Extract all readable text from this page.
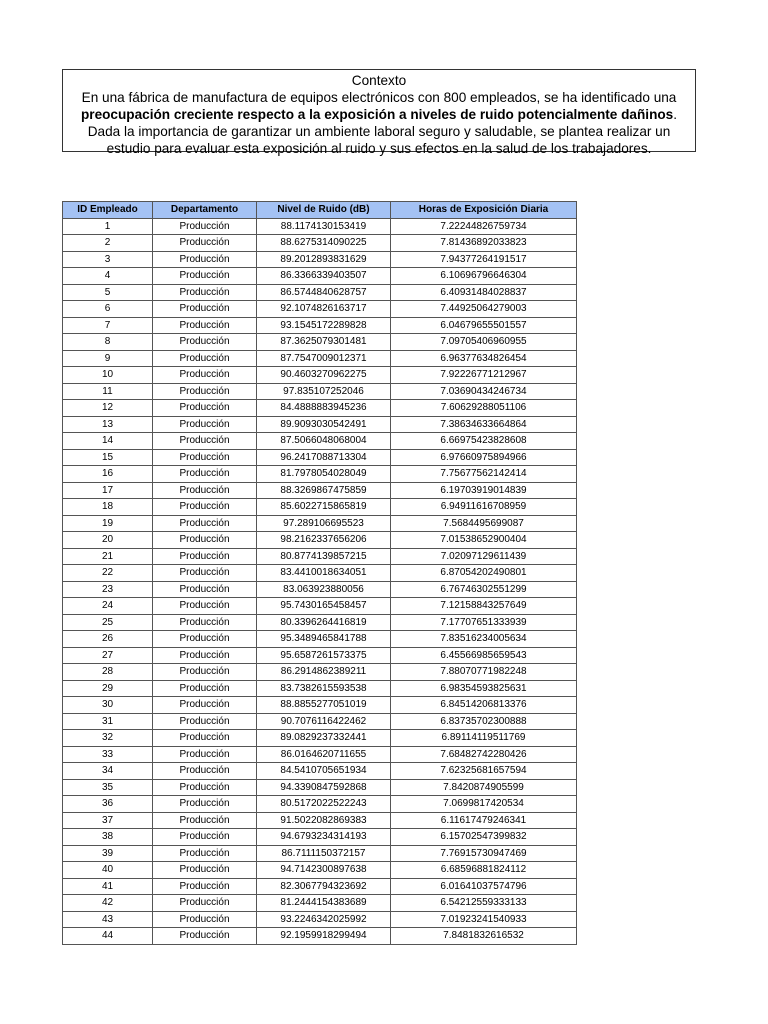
Contexto
En una fábrica de manufactura de equipos electrónicos con 800 empleados, se ha identificado una preocupación creciente respecto a la exposición a niveles de ruido potencialmente dañinos. Dada la importancia de garantizar un ambiente laboral seguro y saludable, se plantea realizar un estudio para evaluar esta exposición al ruido y sus efectos en la salud de los trabajadores.
ID Empleado	Departamento	Nivel de Ruido (dB)	Horas de Exposición Diaria
1	Producción	88.1174130153419	7.22244826759734
2	Producción	88.6275314090225	7.81436892033823
3	Producción	89.2012893831629	7.94377264191517
4	Producción	86.3366339403507	6.10696796646304
5	Producción	86.5744840628757	6.40931484028837
6	Producción	92.1074826163717	7.44925064279003
7	Producción	93.1545172289828	6.04679655501557
8	Producción	87.3625079301481	7.09705406960955
9	Producción	87.7547009012371	6.96377634826454
10	Producción	90.4603270962275	7.92226771212967
11	Producción	97.835107252046	7.03690434246734
12	Producción	84.4888883945236	7.60629288051106
13	Producción	89.9093030542491	7.38634633664864
14	Producción	87.5066048068004	6.66975423828608
15	Producción	96.2417088713304	6.97660975894966
16	Producción	81.7978054028049	7.75677562142414
17	Producción	88.3269867475859	6.19703919014839
18	Producción	85.6022715865819	6.94911616708959
19	Producción	97.289106695523	7.5684495699087
20	Producción	98.2162337656206	7.01538652900404
21	Producción	80.8774139857215	7.02097129611439
22	Producción	83.4410018634051	6.87054202490801
23	Producción	83.063923880056	6.76746302551299
24	Producción	95.7430165458457	7.12158843257649
25	Producción	80.3396264416819	7.17707651333939
26	Producción	95.3489465841788	7.83516234005634
27	Producción	95.6587261573375	6.45566985659543
28	Producción	86.2914862389211	7.88070771982248
29	Producción	83.7382615593538	6.98354593825631
30	Producción	88.8855277051019	6.84514206813376
31	Producción	90.7076116422462	6.83735702300888
32	Producción	89.0829237332441	6.89114119511769
33	Producción	86.0164620711655	7.68482742280426
34	Producción	84.5410705651934	7.62325681657594
35	Producción	94.3390847592868	7.8420874905599
36	Producción	80.5172022522243	7.0699817420534
37	Producción	91.5022082869383	6.11617479246341
38	Producción	94.6793234314193	6.15702547399832
39	Producción	86.7111150372157	7.76915730947469
40	Producción	94.7142300897638	6.68596881824112
41	Producción	82.3067794323692	6.01641037574796
42	Producción	81.2444154383689	6.54212559333133
43	Producción	93.2246342025992	7.01923241540933
44	Producción	92.1959918299494	7.8481832616532
